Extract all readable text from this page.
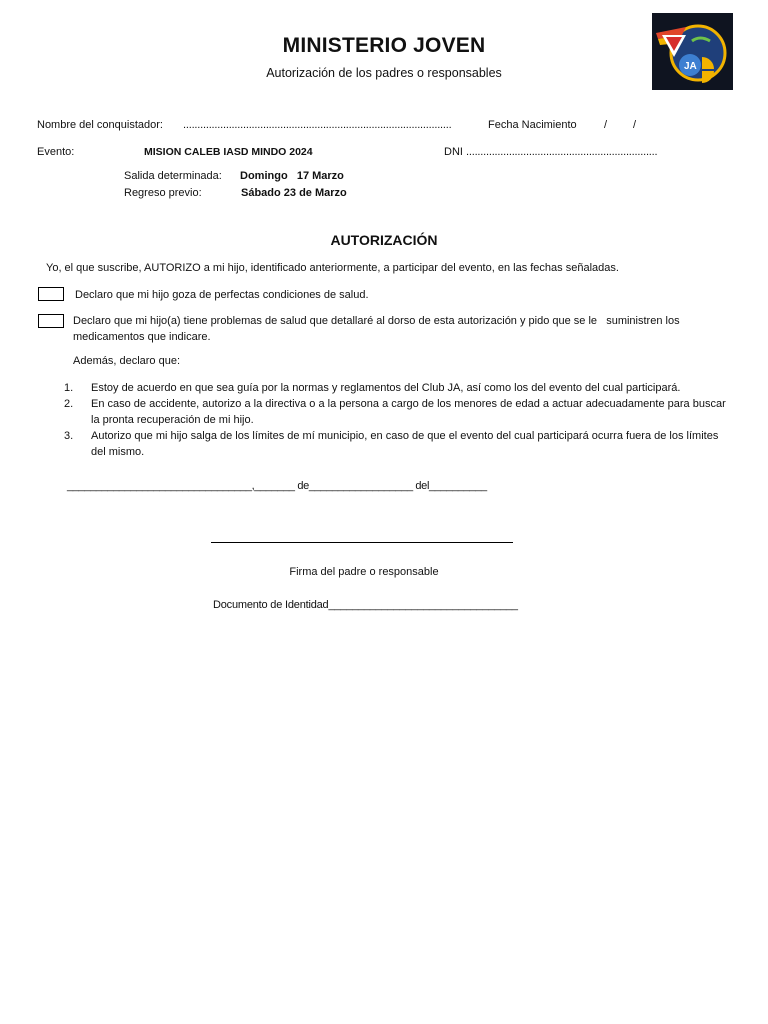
MINISTERIO JOVEN
Autorización de los padres o responsables	JA
Nombre del conquistador: ..............................................................................................	Fecha Nacimiento / /
Evento:	MISION CALEB IASD MINDO 2024	DNI ...................................................................
Salida determinada: Domingo   17 Marzo
Regreso previo:	Sábado 23 de Marzo
AUTORIZACIÓN
Yo, el que suscribe, AUTORIZO a mi hijo, identificado anteriormente, a participar del evento, en las fechas señaladas.
Declaro que mi hijo goza de perfectas condiciones de salud.
Declaro que mi hijo(a) tiene problemas de salud que detallaré al dorso de esta autorización y pido que se le   suministren los medicamentos que indicare.
Además, declaro que:
1. Estoy de acuerdo en que sea guía por la normas y reglamentos del Club JA, así como los del evento del cual participará.
2. En caso de accidente, autorizo a la directiva o a la persona a cargo de los menores de edad a actuar adecuadamente para buscar la pronta recuperación de mi hijo.
3. Autorizo que mi hijo salga de los límites de mí municipio, en caso de que el evento del cual participará ocurra fuera de los límites del mismo.
________________________________,_______ de__________________ del__________
Firma del padre o responsable
Documento de Identidad________________________________
